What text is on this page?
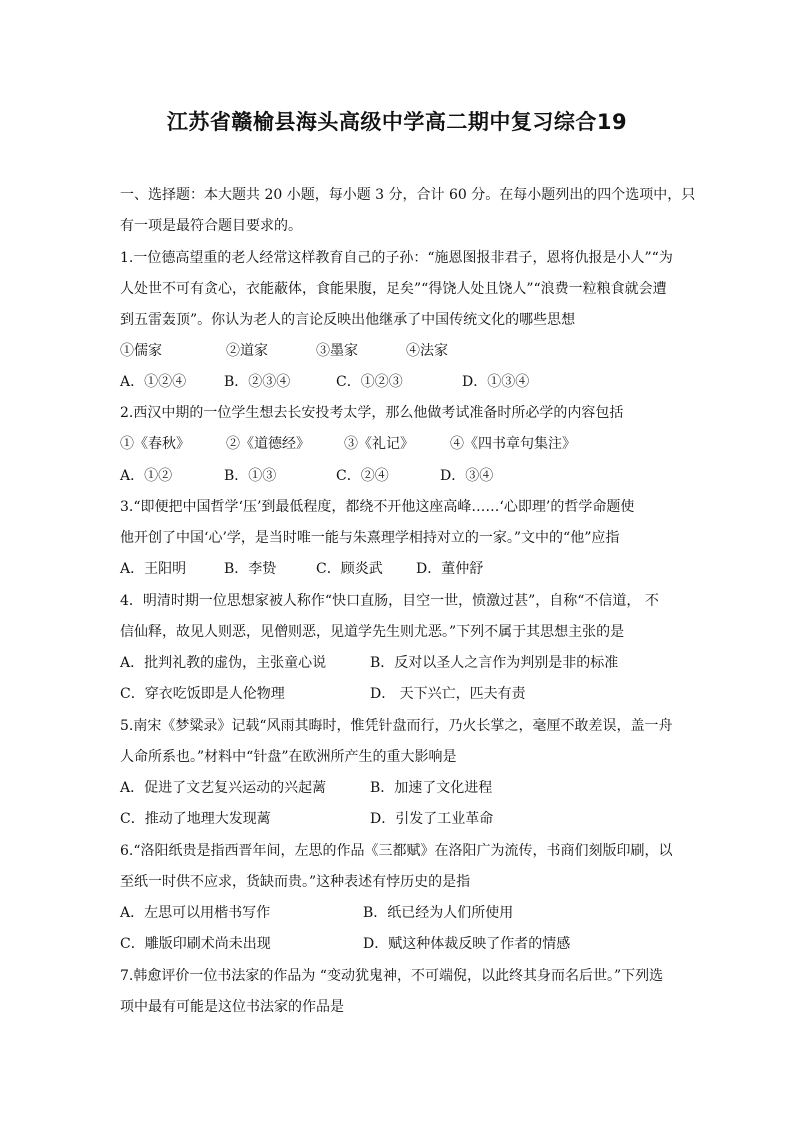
江苏省赣榆县海头高级中学高二期中复习综合19
一、选择题：本大题共 20 小题，每小题 3 分，合计 60 分。在每小题列出的四个选项中，只
有一项是最符合题目要求的。
1.一位德高望重的老人经常这样教育自己的子孙：“施恩图报非君子，恩将仇报是小人”“为
人处世不可有贪心，衣能蔽体，食能果腹，足矣”“得饶人处且饶人”“浪费一粒粮食就会遭
到五雷轰顶”。你认为老人的言论反映出他继承了中国传统文化的哪些思想
①儒家	②道家	③墨家	④法家
A．①②④	B．②③④	C．①②③	D．①③④
2.西汉中期的一位学生想去长安投考太学，那么他做考试准备时所必学的内容包括
①《春秋》	②《道德经》 ③《礼记》	④《四书章句集注》
A．①②	B．①③	C．②④	D．③④
3.“即便把中国哲学‘压’到最低程度，都绕不开他这座高峰……‘心即理’的哲学命题使
他开创了中国‘心’学，是当时唯一能与朱熹理学相持对立的一家。”文中的“他”应指
A．王阳明	B．李贽	C．顾炎武 D．董仲舒
4．明清时期一位思想家被人称作“快口直肠，目空一世，愤激过甚”，自称“不信道， 不
信仙释，故见人则恶，见僧则恶，见道学先生则尤恶。”下列不属于其思想主张的是
A．批判礼教的虚伪，主张童心说	B．反对以圣人之言作为判别是非的标准
C．穿衣吃饭即是人伦物理	D． 天下兴亡，匹夫有责
5.南宋《梦粱录》记载“风雨其晦时，惟凭针盘而行，乃火长掌之，毫厘不敢差误，盖一舟
人命所系也。”材料中“针盘”在欧洲所产生的重大影响是
A．促进了文艺复兴运动的兴起蓠	B．加速了文化进程
C．推动了地理大发现蓠	D．引发了工业革命
6.“洛阳纸贵是指西晋年间，左思的作品《三都赋》在洛阳广为流传，书商们刻版印刷，以
至纸一时供不应求，货缺而贵。”这种表述有悖历史的是指
A．左思可以用楷书写作	B．纸已经为人们所使用
C．雕版印刷术尚未出现	D．赋这种体裁反映了作者的情感
7.韩愈评价一位书法家的作品为 “变动犹鬼神，不可端倪，以此终其身而名后世。”下列选
项中最有可能是这位书法家的作品是
